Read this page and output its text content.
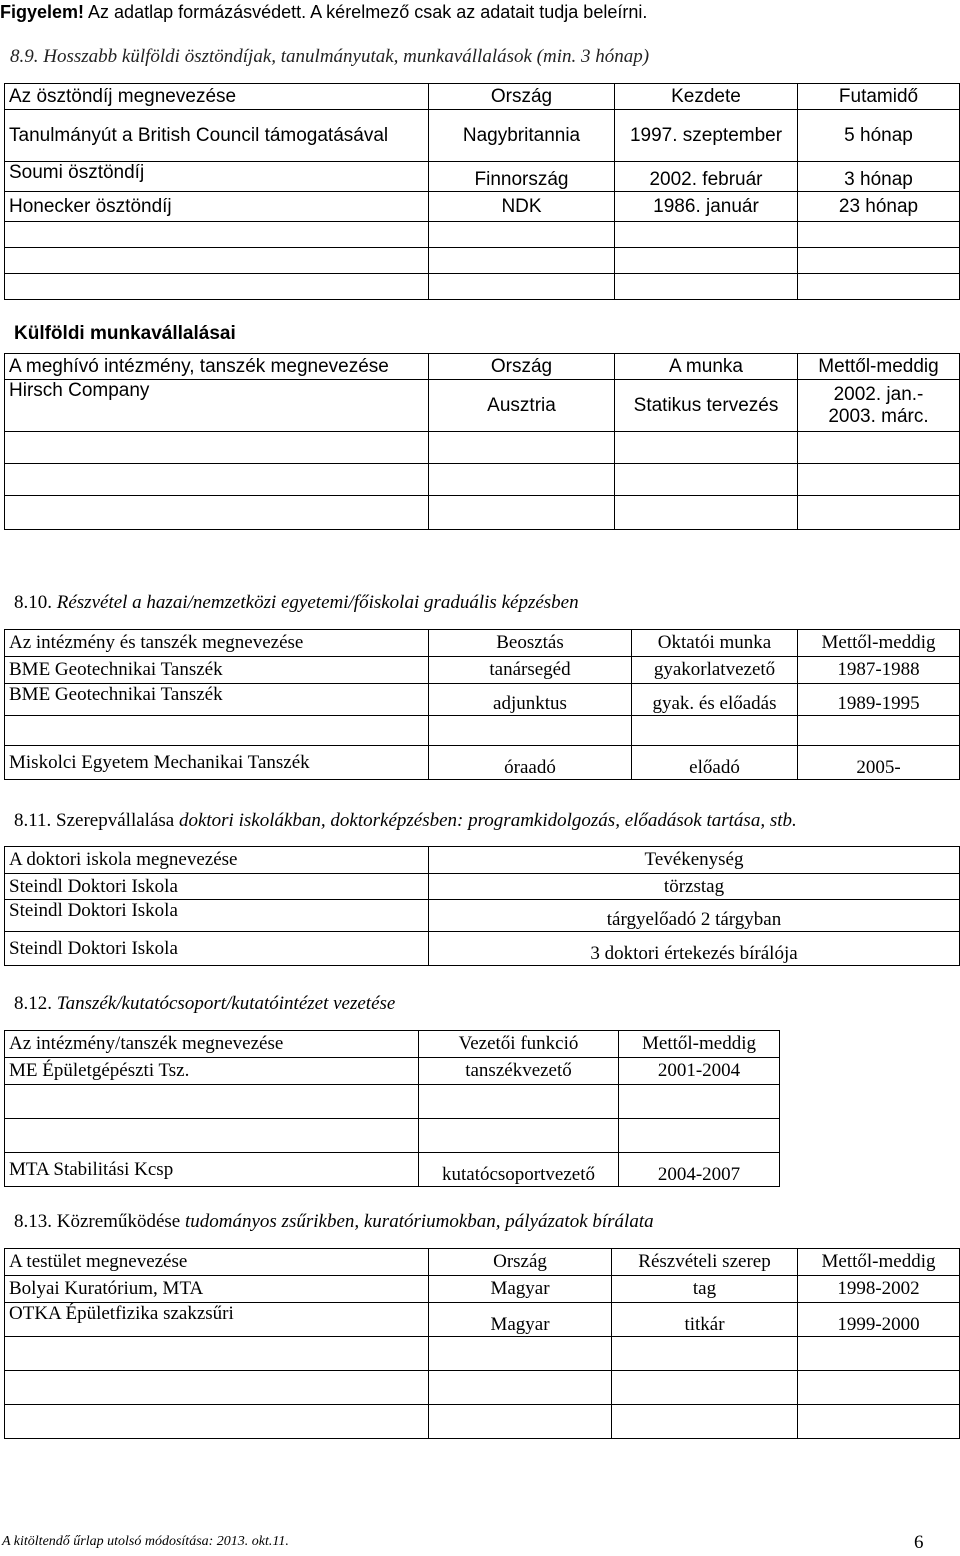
Figyelem! Az adatlap formázásvédett. A kérelmező csak az adatait tudja beleírni.
8.9. Hosszabb külföldi ösztöndíjak, tanulmányutak, munkavállalások (min. 3 hónap)
Az ösztöndíj megnevezése	Ország	Kezdete	Futamidő
Tanulmányút a British Council támogatásával	Nagybritannia	1997. szeptember	5 hónap
Soumi ösztöndíj	Finnország	2002. február	3 hónap
Honecker ösztöndíj	NDK	1986. január	23 hónap

Külföldi munkavállalásai
A meghívó intézmény, tanszék megnevezése	Ország	A munka	Mettől-meddig
Hirsch Company	Ausztria	Statikus tervezés	2002. jan.-
2003. márc.

8.10. Részvétel a hazai/nemzetközi egyetemi/főiskolai graduális képzésben
Az intézmény és tanszék megnevezése	Beosztás	Oktatói munka	Mettől-meddig
BME Geotechnikai Tanszék	tanársegéd	gyakorlatvezető	1987-1988
BME Geotechnikai Tanszék	adjunktus	gyak. és előadás	1989-1995

Miskolci Egyetem Mechanikai Tanszék	óraadó	előadó	2005-
8.11. Szerepvállalása doktori iskolákban, doktorképzésben: programkidolgozás, előadások tartása, stb.
A doktori iskola megnevezése	Tevékenység
Steindl Doktori Iskola	törzstag
Steindl Doktori Iskola	tárgyelőadó 2 tárgyban
Steindl Doktori Iskola	3 doktori értekezés bírálója
8.12. Tanszék/kutatócsoport/kutatóintézet vezetése
Az intézmény/tanszék megnevezése	Vezetői funkció	Mettől-meddig
ME Épületgépészti Tsz.	tanszékvezető	2001-2004

MTA Stabilitási Kcsp	kutatócsoportvezető	2004-2007
8.13. Közreműködése tudományos zsűrikben, kuratóriumokban, pályázatok bírálata
A testület megnevezése	Ország	Részvételi szerep	Mettől-meddig
Bolyai Kuratórium, MTA	Magyar	tag	1998-2002
OTKA Épületfizika szakzsűri	Magyar	titkár	1999-2000

A kitöltendő űrlap utolsó módosítása: 2013. okt.11.	6
